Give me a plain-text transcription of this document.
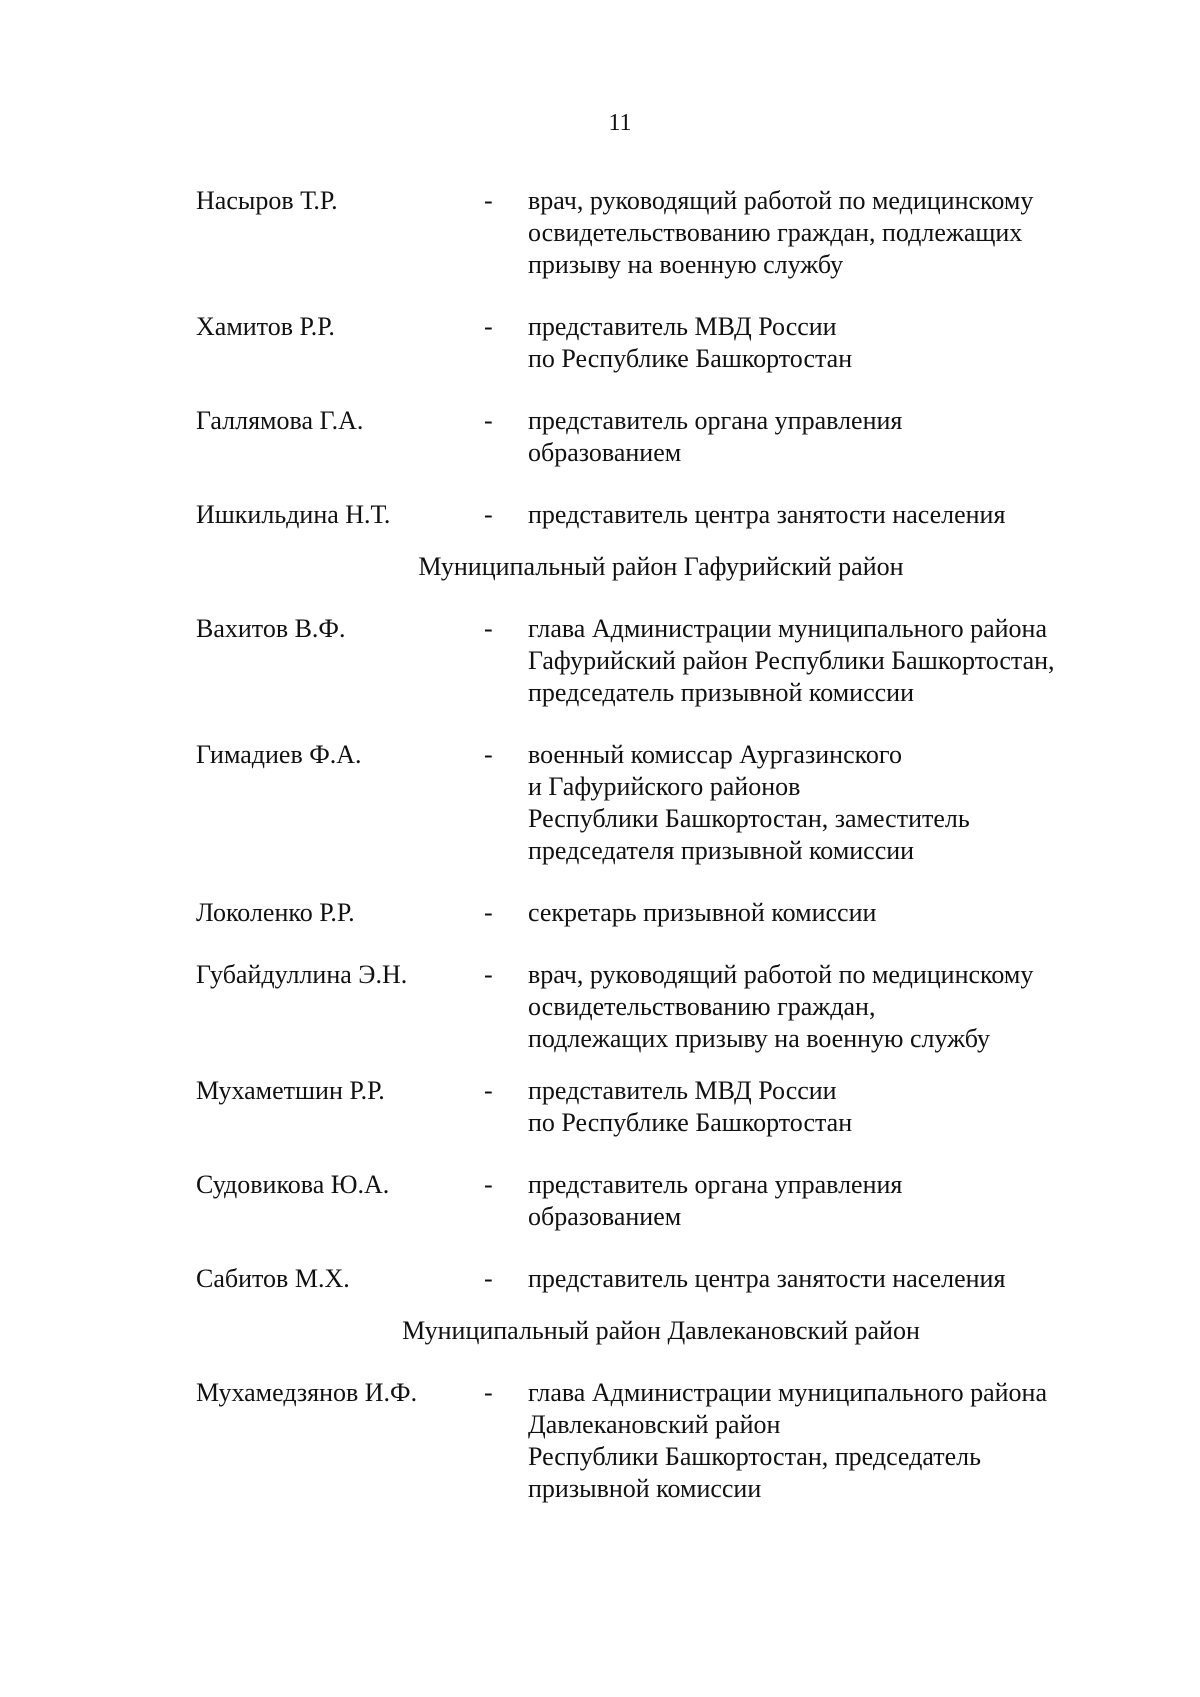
11
Насыров Т.Р.	-	врач, руководящий работой по медицинскому
освидетельствованию граждан, подлежащих
призыву на военную службу
Хамитов Р.Р.	-	представитель МВД России
по Республике Башкортостан
Галлямова Г.А.	-	представитель органа управления
образованием
Ишкильдина Н.Т.	-	представитель центра занятости населения
Муниципальный район Гафурийский район
Вахитов В.Ф.	-	глава Администрации муниципального района
Гафурийский район Республики Башкортостан,
председатель призывной комиссии
Гимадиев Ф.А.	-	военный комиссар Аургазинского
и Гафурийского районов
Республики Башкортостан, заместитель
председателя призывной комиссии
Локоленко Р.Р.	-	секретарь призывной комиссии
Губайдуллина Э.Н.	-	врач, руководящий работой по медицинскому
освидетельствованию граждан,
подлежащих призыву на военную службу
Мухаметшин Р.Р.	-	представитель МВД России
по Республике Башкортостан
Судовикова Ю.А.	-	представитель органа управления
образованием
Сабитов М.Х.	-	представитель центра занятости населения
Муниципальный район Давлекановский район
Мухамедзянов И.Ф.	-	глава Администрации муниципального района
Давлекановский район
Республики Башкортостан, председатель
призывной комиссии
